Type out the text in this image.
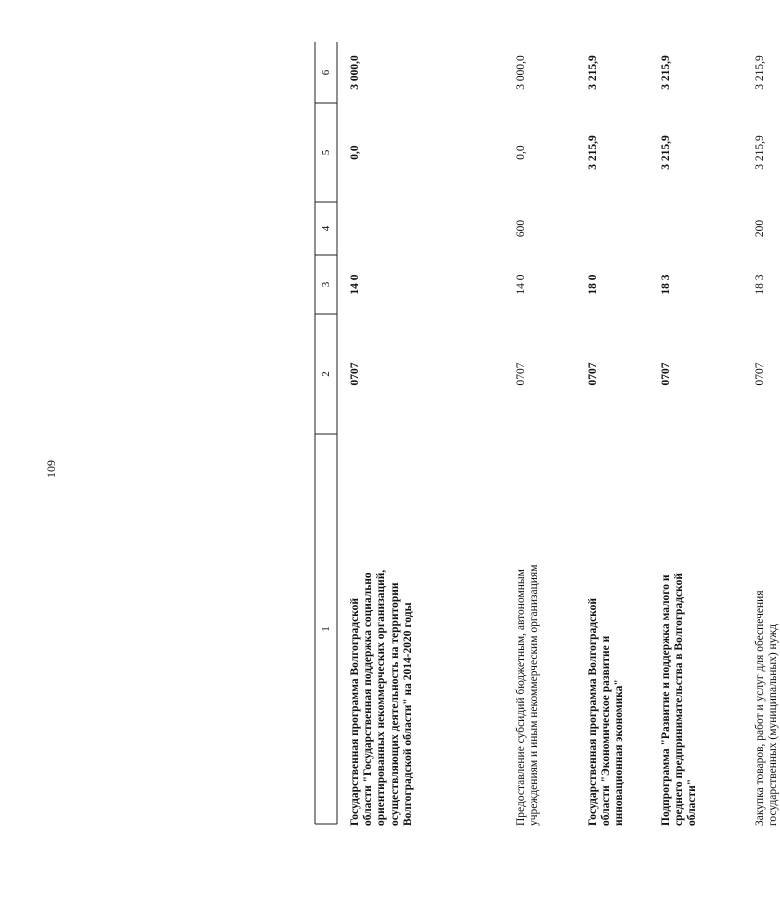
109
1
2
3
4
5
6
Государственная программа Волгоградской области "Государственная поддержка социально ориентированных некоммерческих организаций, осуществляющих деятельность на территории Волгоградской области" на 2014-2020 годы
0707
14 0
0,0
3 000,0
Предоставление субсидий бюджетным, автономным учреждениям и иным некоммерческим организациям
0707
14 0
600
0,0
3 000,0
Государственная программа Волгоградской области "Экономическое развитие и инновационная экономика"
0707
18 0
3 215,9
3 215,9
Подпрограмма "Развитие и поддержка малого и среднего предпринимательства в Волгоградской области"
0707
18 3
3 215,9
3 215,9
Закупка товаров, работ и услуг для обеспечения государственных (муниципальных) нужд
0707
18 3
200
3 215,9
3 215,9
